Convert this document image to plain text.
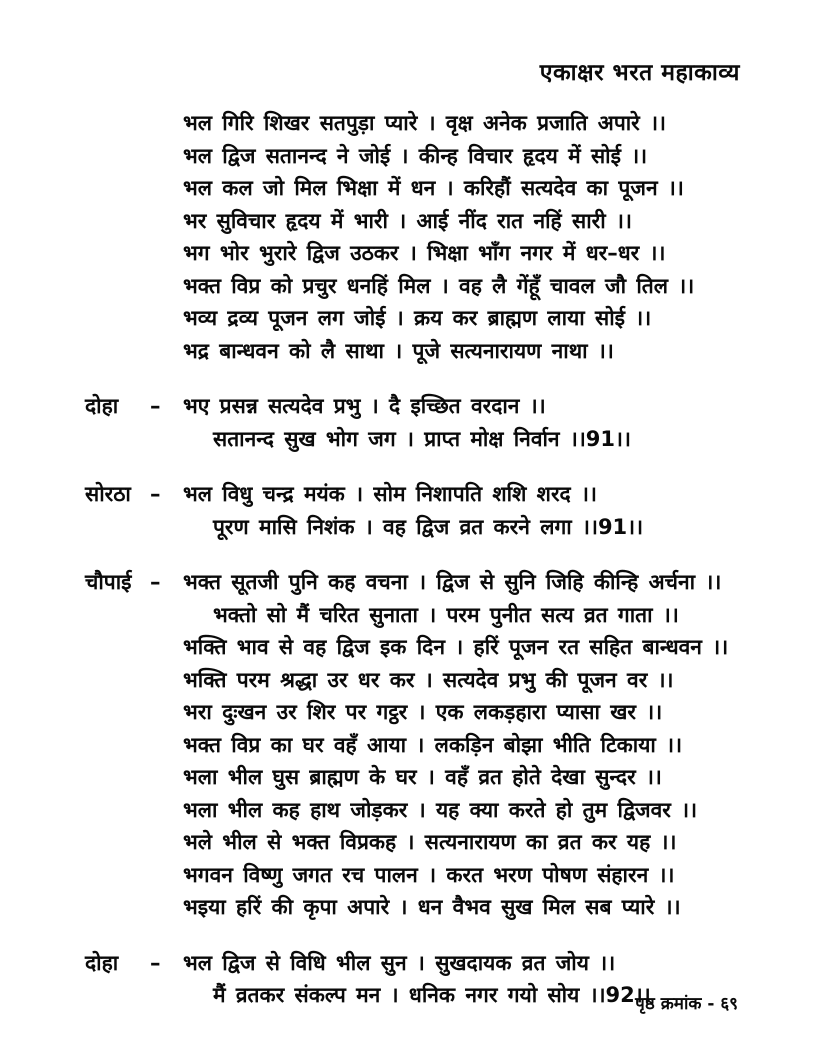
एकाक्षर भरत महाकाव्य

भल गिरि शिखर सतपुड़ा प्यारे । वृक्ष अनेक प्रजाति अपारे ।।

भल द्विज सतानन्द ने जोई । कीन्ह विचार हृदय में सोई ।।

भल कल जो मिल भिक्षा में धन । करिहौं सत्यदेव का पूजन ।।

भर सुविचार हृदय में भारी । आई नींद रात नहिं सारी ।।

भग भोर भुरारे द्विज उठकर । भिक्षा भाँग नगर में धर–धर ।।

भक्त विप्र को प्रचुर धनहिं मिल । वह लै गेंहूँ चावल जौ तिल ।।

भव्य द्रव्य पूजन लग जोई । क्रय कर ब्राह्मण लाया सोई ।।

भद्र बान्धवन को लै साथा । पूजे सत्यनारायण नाथा ।।

दोहा	–	भए प्रसन्न सत्यदेव प्रभु । दै इच्छित वरदान ।।

सतानन्द सुख भोग जग । प्राप्त मोक्ष निर्वान ।।91।।

सोरठा –	भल विधु चन्द्र मयंक । सोम निशापति शशि शरद ।।

पूरण मासि निशंक । वह द्विज व्रत करने लगा ।।91।।

चौपाई –	भक्त सूतजी पुनि कह वचना । द्विज से सुनि जिहि कीन्हि अर्चना ।।

भक्तो सो मैं चरित सुनाता । परम पुनीत सत्य व्रत गाता ।।

भक्ति भाव से वह द्विज इक दिन । हरिं पूजन रत सहित बान्धवन ।।

भक्ति परम श्रद्धा उर धर कर । सत्यदेव प्रभु की पूजन वर ।।

भरा दुःखन उर शिर पर गट्ठर । एक लकड़हारा प्यासा खर ।।

भक्त विप्र का घर वहँ आया । लकड़िन बोझा भीति टिकाया ।।

भला भील घुस ब्राह्मण के घर । वहँ व्रत होते देखा सुन्दर ।।

भला भील कह हाथ जोड़कर । यह क्या करते हो तुम द्विजवर ।।

भले भील से भक्त विप्रकह । सत्यनारायण का व्रत कर यह ।।

भगवन विष्णु जगत रच पालन । करत भरण पोषण संहारन ।।

भइया हरिं की कृपा अपारे । धन वैभव सुख मिल सब प्यारे ।।

दोहा	–	भल द्विज से विधि भील सुन । सुखदायक व्रत जोय ।।

मैं व्रतकर संकल्प मन । धनिक नगर गयो सोय ।।92।।

पृष्ठ क्रमांक - ६९
